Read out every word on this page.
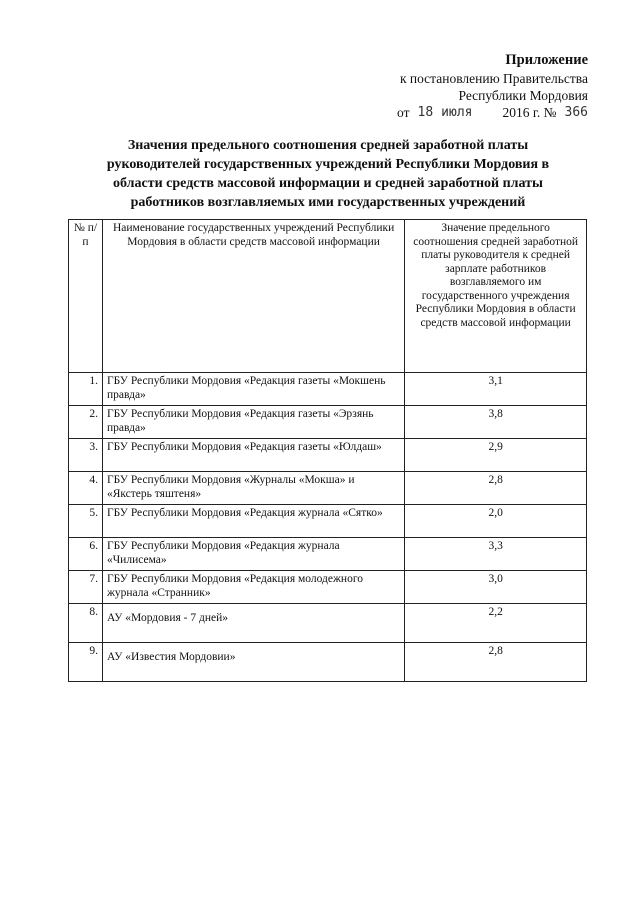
Приложение
к постановлению Правительства
Республики Мордовия
от 18 июля 2016 г. № 366

Значения предельного соотношения средней заработной платы

руководителей государственных учреждений Республики Мордовия в

области средств массовой информации и средней заработной платы

работников возглавляемых ими государственных учреждений

№ п/п	Наименование государственных учреждений Республики Мордовия в области средств массовой информации	Значение предельного соотношения средней заработной платы руководителя к средней зарплате работников возглавляемого им государственного учреждения Республики Мордовия в области средств массовой информации
1.	ГБУ Республики Мордовия «Редакция газеты «Мокшень правда»	3,1
2.	ГБУ Республики Мордовия «Редакция газеты «Эрзянь правда»	3,8
3.	ГБУ Республики Мордовия «Редакция газеты «Юлдаш»	2,9
4.	ГБУ Республики Мордовия «Журналы «Мокша» и «Якстерь тяштеня»	2,8
5.	ГБУ Республики Мордовия «Редакция журнала «Сятко»	2,0
6.	ГБУ Республики Мордовия «Редакция журнала «Чилисема»	3,3
7.	ГБУ Республики Мордовия «Редакция молодежного журнала «Странник»	3,0
8.	АУ «Мордовия - 7 дней»	2,2
9.	АУ «Известия Мордовии»	2,8
